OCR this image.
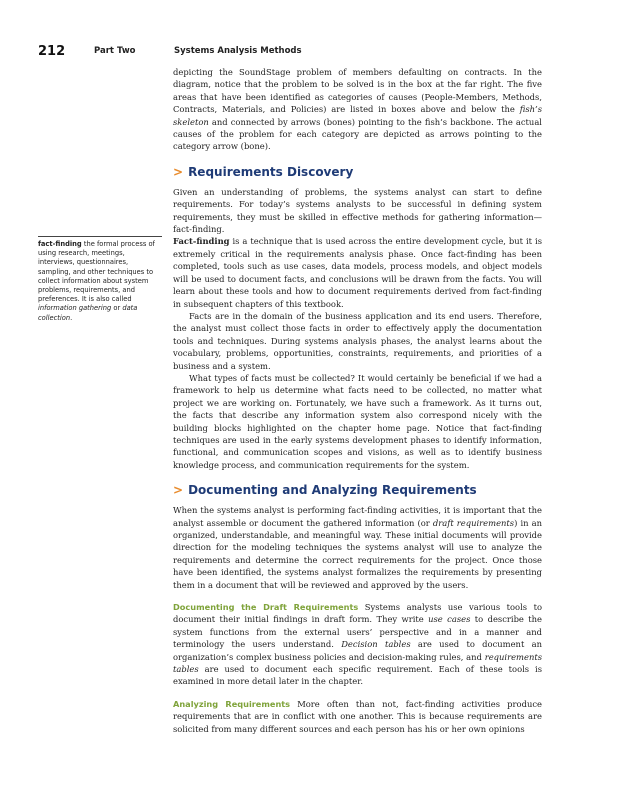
212	Part Two	Systems Analysis Methods

depicting the SoundStage problem of members defaulting on contracts. In the diagram, notice that the problem to be solved is in the box at the far right. The five areas that have been identified as categories of causes (People-Members, Methods, Contracts, Materials, and Policies) are listed in boxes above and below the fish’s skeleton and connected by arrows (bones) pointing to the fish’s backbone. The actual causes of the problem for each category are depicted as arrows pointing to the category arrow (bone).

> Requirements Discovery

Given an understanding of problems, the systems analyst can start to define requirements. For today’s systems analysts to be successful in defining system requirements, they must be skilled in effective methods for gathering information—fact-finding.

Fact-finding is a technique that is used across the entire development cycle, but it is extremely critical in the requirements analysis phase. Once fact-finding has been completed, tools such as use cases, data models, process models, and object models will be used to document facts, and conclusions will be drawn from the facts. You will learn about these tools and how to document requirements derived from fact-finding in subsequent chapters of this textbook.

Facts are in the domain of the business application and its end users. Therefore, the analyst must collect those facts in order to effectively apply the documentation tools and techniques. During systems analysis phases, the analyst learns about the vocabulary, problems, opportunities, constraints, requirements, and priorities of a business and a system.

What types of facts must be collected? It would certainly be beneficial if we had a framework to help us determine what facts need to be collected, no matter what project we are working on. Fortunately, we have such a framework. As it turns out, the facts that describe any information system also correspond nicely with the building blocks highlighted on the chapter home page. Notice that fact-finding techniques are used in the early systems development phases to identify information, functional, and communication scopes and visions, as well as to identify business knowledge process, and communication requirements for the system.

> Documenting and Analyzing Requirements

When the systems analyst is performing fact-finding activities, it is important that the analyst assemble or document the gathered information (or draft requirements) in an organized, understandable, and meaningful way. These initial documents will provide direction for the modeling techniques the systems analyst will use to analyze the requirements and determine the correct requirements for the project. Once those have been identified, the systems analyst formalizes the requirements by presenting them in a document that will be reviewed and approved by the users.

Documenting the Draft Requirements Systems analysts use various tools to document their initial findings in draft form. They write use cases to describe the system functions from the external users’ perspective and in a manner and terminology the users understand. Decision tables are used to document an organization’s complex business policies and decision-making rules, and requirements tables are used to document each specific requirement. Each of these tools is examined in more detail later in the chapter.

Analyzing Requirements More often than not, fact-finding activities produce requirements that are in conflict with one another. This is because requirements are solicited from many different sources and each person has his or her own opinions

fact-finding the formal process of using research, meetings, interviews, questionnaires, sampling, and other techniques to collect information about system problems, requirements, and preferences. It is also called information gathering or data collection.
